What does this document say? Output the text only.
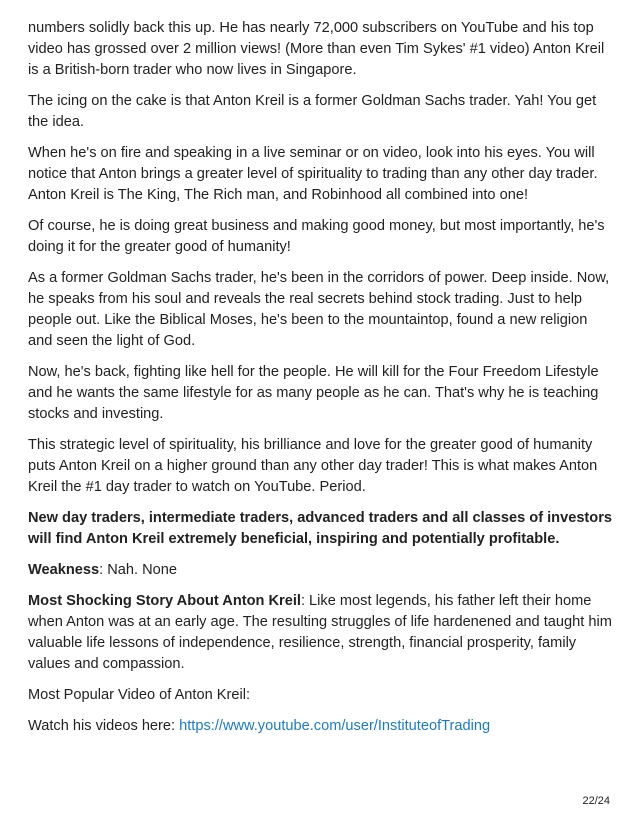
numbers solidly back this up. He has nearly 72,000 subscribers on YouTube and his top video has grossed over 2 million views! (More than even Tim Sykes' #1 video) Anton Kreil is a British-born trader who now lives in Singapore.

The icing on the cake is that Anton Kreil is a former Goldman Sachs trader. Yah! You get the idea.

When he's on fire and speaking in a live seminar or on video, look into his eyes. You will notice that Anton brings a greater level of spirituality to trading than any other day trader. Anton Kreil is The King, The Rich man, and Robinhood all combined into one!

Of course, he is doing great business and making good money, but most importantly, he's doing it for the greater good of humanity!

As a former Goldman Sachs trader, he's been in the corridors of power. Deep inside. Now, he speaks from his soul and reveals the real secrets behind stock trading. Just to help people out. Like the Biblical Moses, he's been to the mountaintop, found a new religion and seen the light of God.

Now, he's back, fighting like hell for the people. He will kill for the Four Freedom Lifestyle and he wants the same lifestyle for as many people as he can. That's why he is teaching stocks and investing.

This strategic level of spirituality, his brilliance and love for the greater good of humanity puts Anton Kreil on a higher ground than any other day trader! This is what makes Anton Kreil the #1 day trader to watch on YouTube. Period.

New day traders, intermediate traders, advanced traders and all classes of investors will find Anton Kreil extremely beneficial, inspiring and potentially profitable.

Weakness: Nah. None

Most Shocking Story About Anton Kreil: Like most legends, his father left their home when Anton was at an early age. The resulting struggles of life hardenened and taught him valuable life lessons of independence, resilience, strength, financial prosperity, family values and compassion.

Most Popular Video of Anton Kreil:

Watch his videos here: https://www.youtube.com/user/InstituteofTrading

22/24
